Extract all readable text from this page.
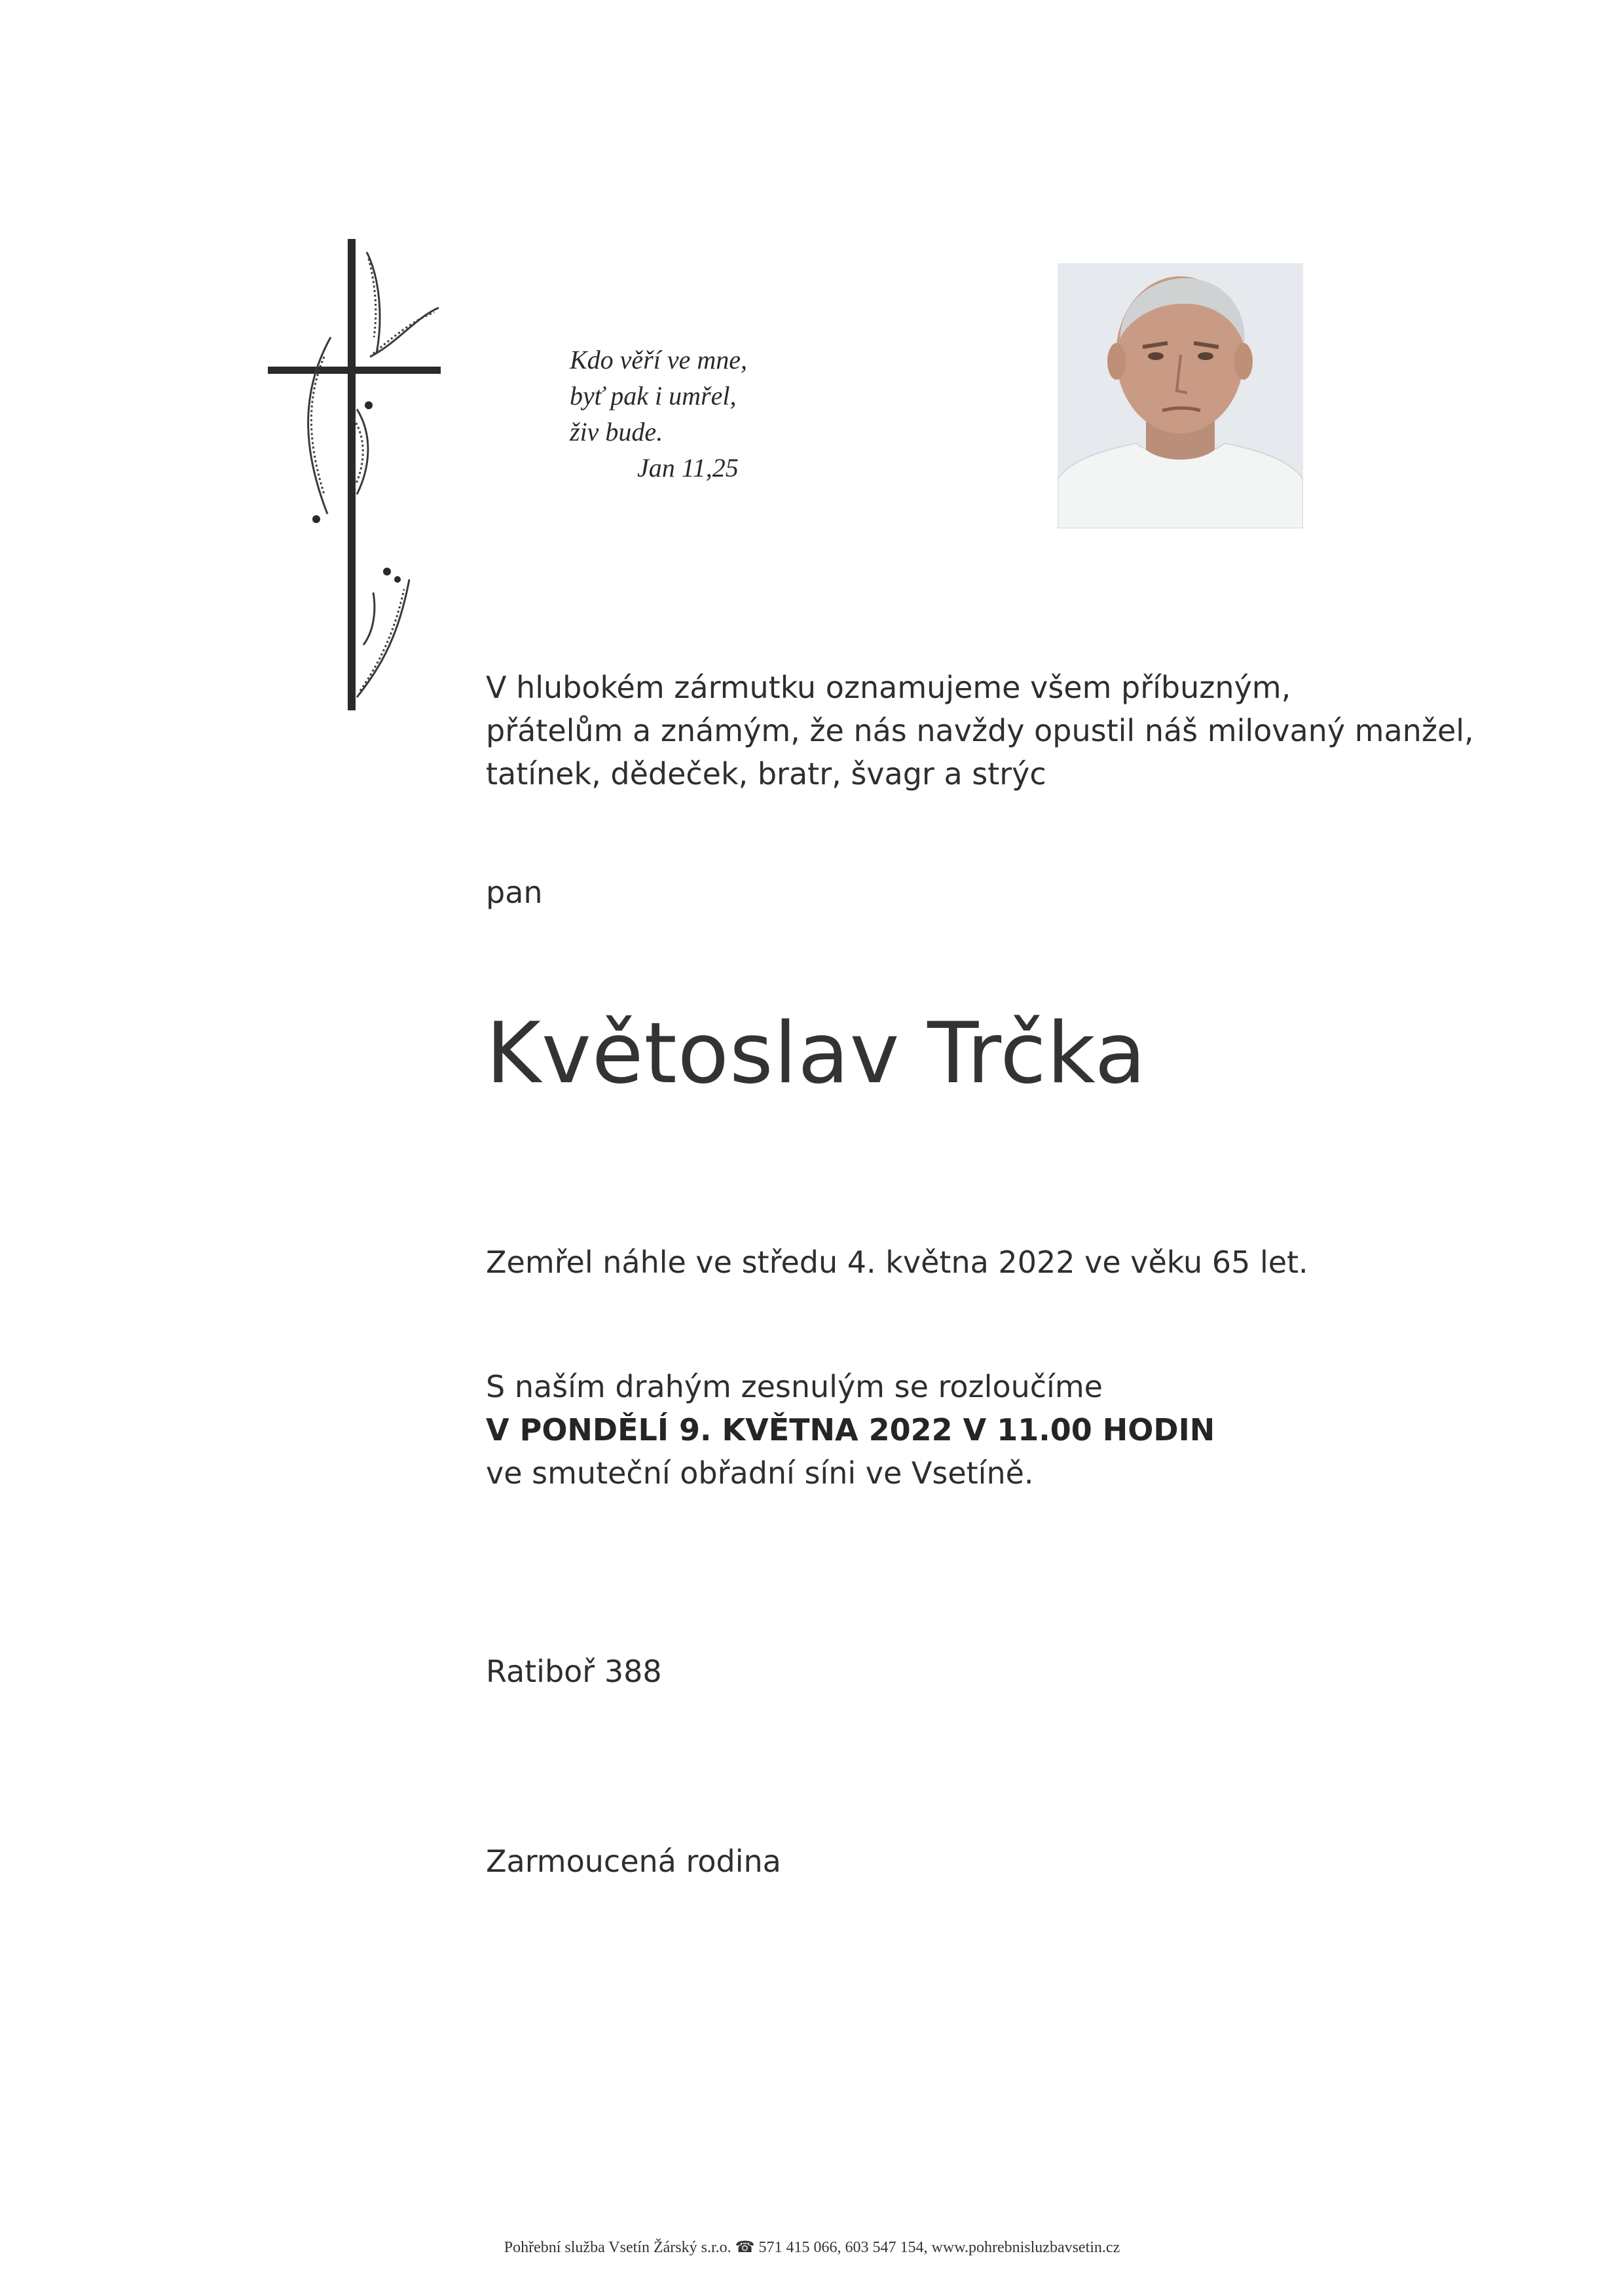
Kdo věří ve mne,
byť pak i umřel,
živ bude.
Jan 11,25
V hlubokém zármutku oznamujeme všem příbuzným,
přátelům a známým, že nás navždy opustil náš milovaný manžel,
tatínek, dědeček, bratr, švagr a strýc
pan
Květoslav Trčka
Zemřel náhle ve středu 4. května 2022 ve věku 65 let.
S naším drahým zesnulým se rozloučíme
V PONDĚLÍ 9. KVĚTNA 2022 V 11.00 HODIN
ve smuteční obřadní síni ve Vsetíně.
Ratiboř 388
Zarmoucená rodina
Pohřební služba Vsetín Žárský s.r.o. ☎ 571 415 066, 603 547 154, www.pohrebnisluzbavsetin.cz
